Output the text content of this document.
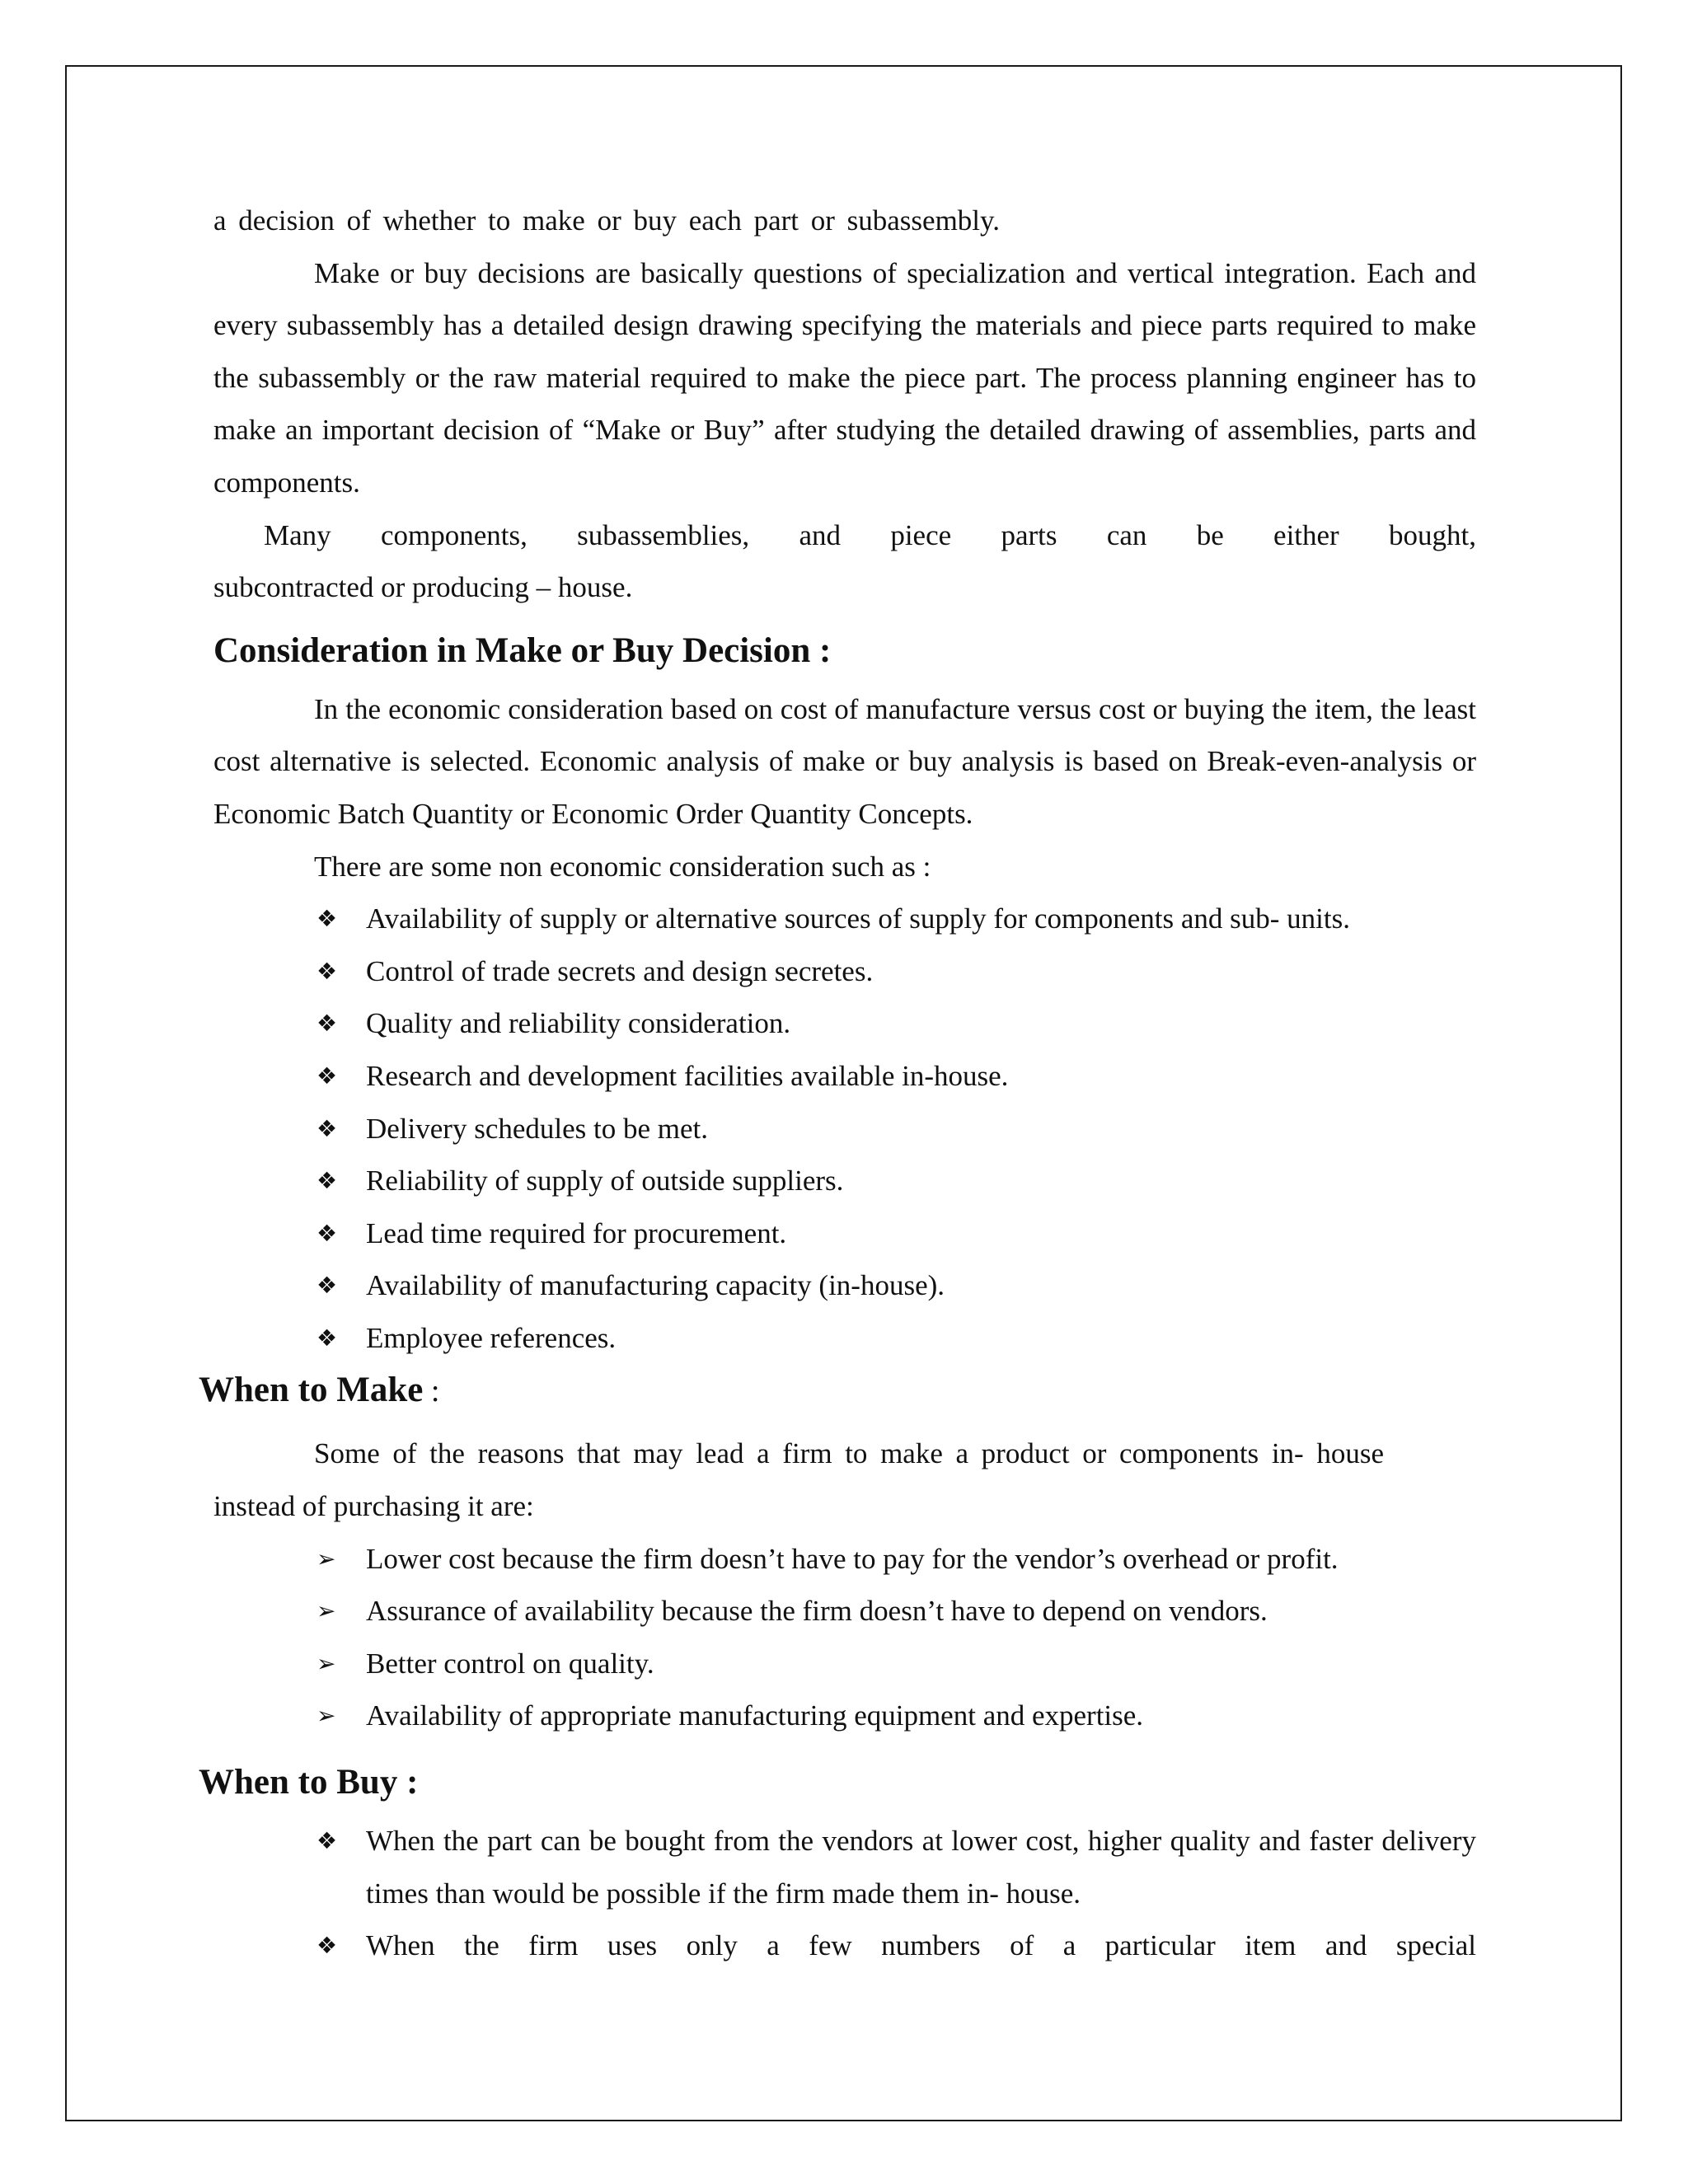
a decision of whether to make or buy each part or subassembly.

Make or buy decisions are basically questions of specialization and vertical integration. Each and every subassembly has a detailed design drawing specifying the materials and piece parts required to make the subassembly or the raw material required to make the piece part. The process planning engineer has to make an important decision of “Make or Buy” after studying the detailed drawing of assemblies, parts and components.

Many components, subassemblies, and piece parts can be either bought,

subcontracted or producing – house.

Consideration in Make or Buy Decision :

In the economic consideration based on cost of manufacture versus cost or buying the item, the least cost alternative is selected. Economic analysis of make or buy analysis is based on Break-even-analysis or Economic Batch Quantity or Economic Order Quantity Concepts.

There are some non economic consideration such as :

❖ Availability of supply or alternative sources of supply for components and sub- units.
❖ Control of trade secrets and design secretes.
❖ Quality and reliability consideration.
❖ Research and development facilities available in-house.
❖ Delivery schedules to be met.
❖ Reliability of supply of outside suppliers.
❖ Lead time required for procurement.
❖ Availability of manufacturing capacity (in-house).
❖ Employee references.
When to Make :

Some of the reasons that may lead a firm to make a product or components in- house

instead of purchasing it are:

➢	Lower cost because the firm doesn’t have to pay for the vendor’s overhead or profit.
➢	Assurance of availability because the firm doesn’t have to depend on vendors.
➢	Better control on quality.
➢	Availability of appropriate manufacturing equipment and expertise.
When to Buy :
❖ When the part can be bought from the vendors at lower cost, higher quality and faster delivery times than would be possible if the firm made them in- house.
❖ When the firm uses only a few numbers of a particular item and special
